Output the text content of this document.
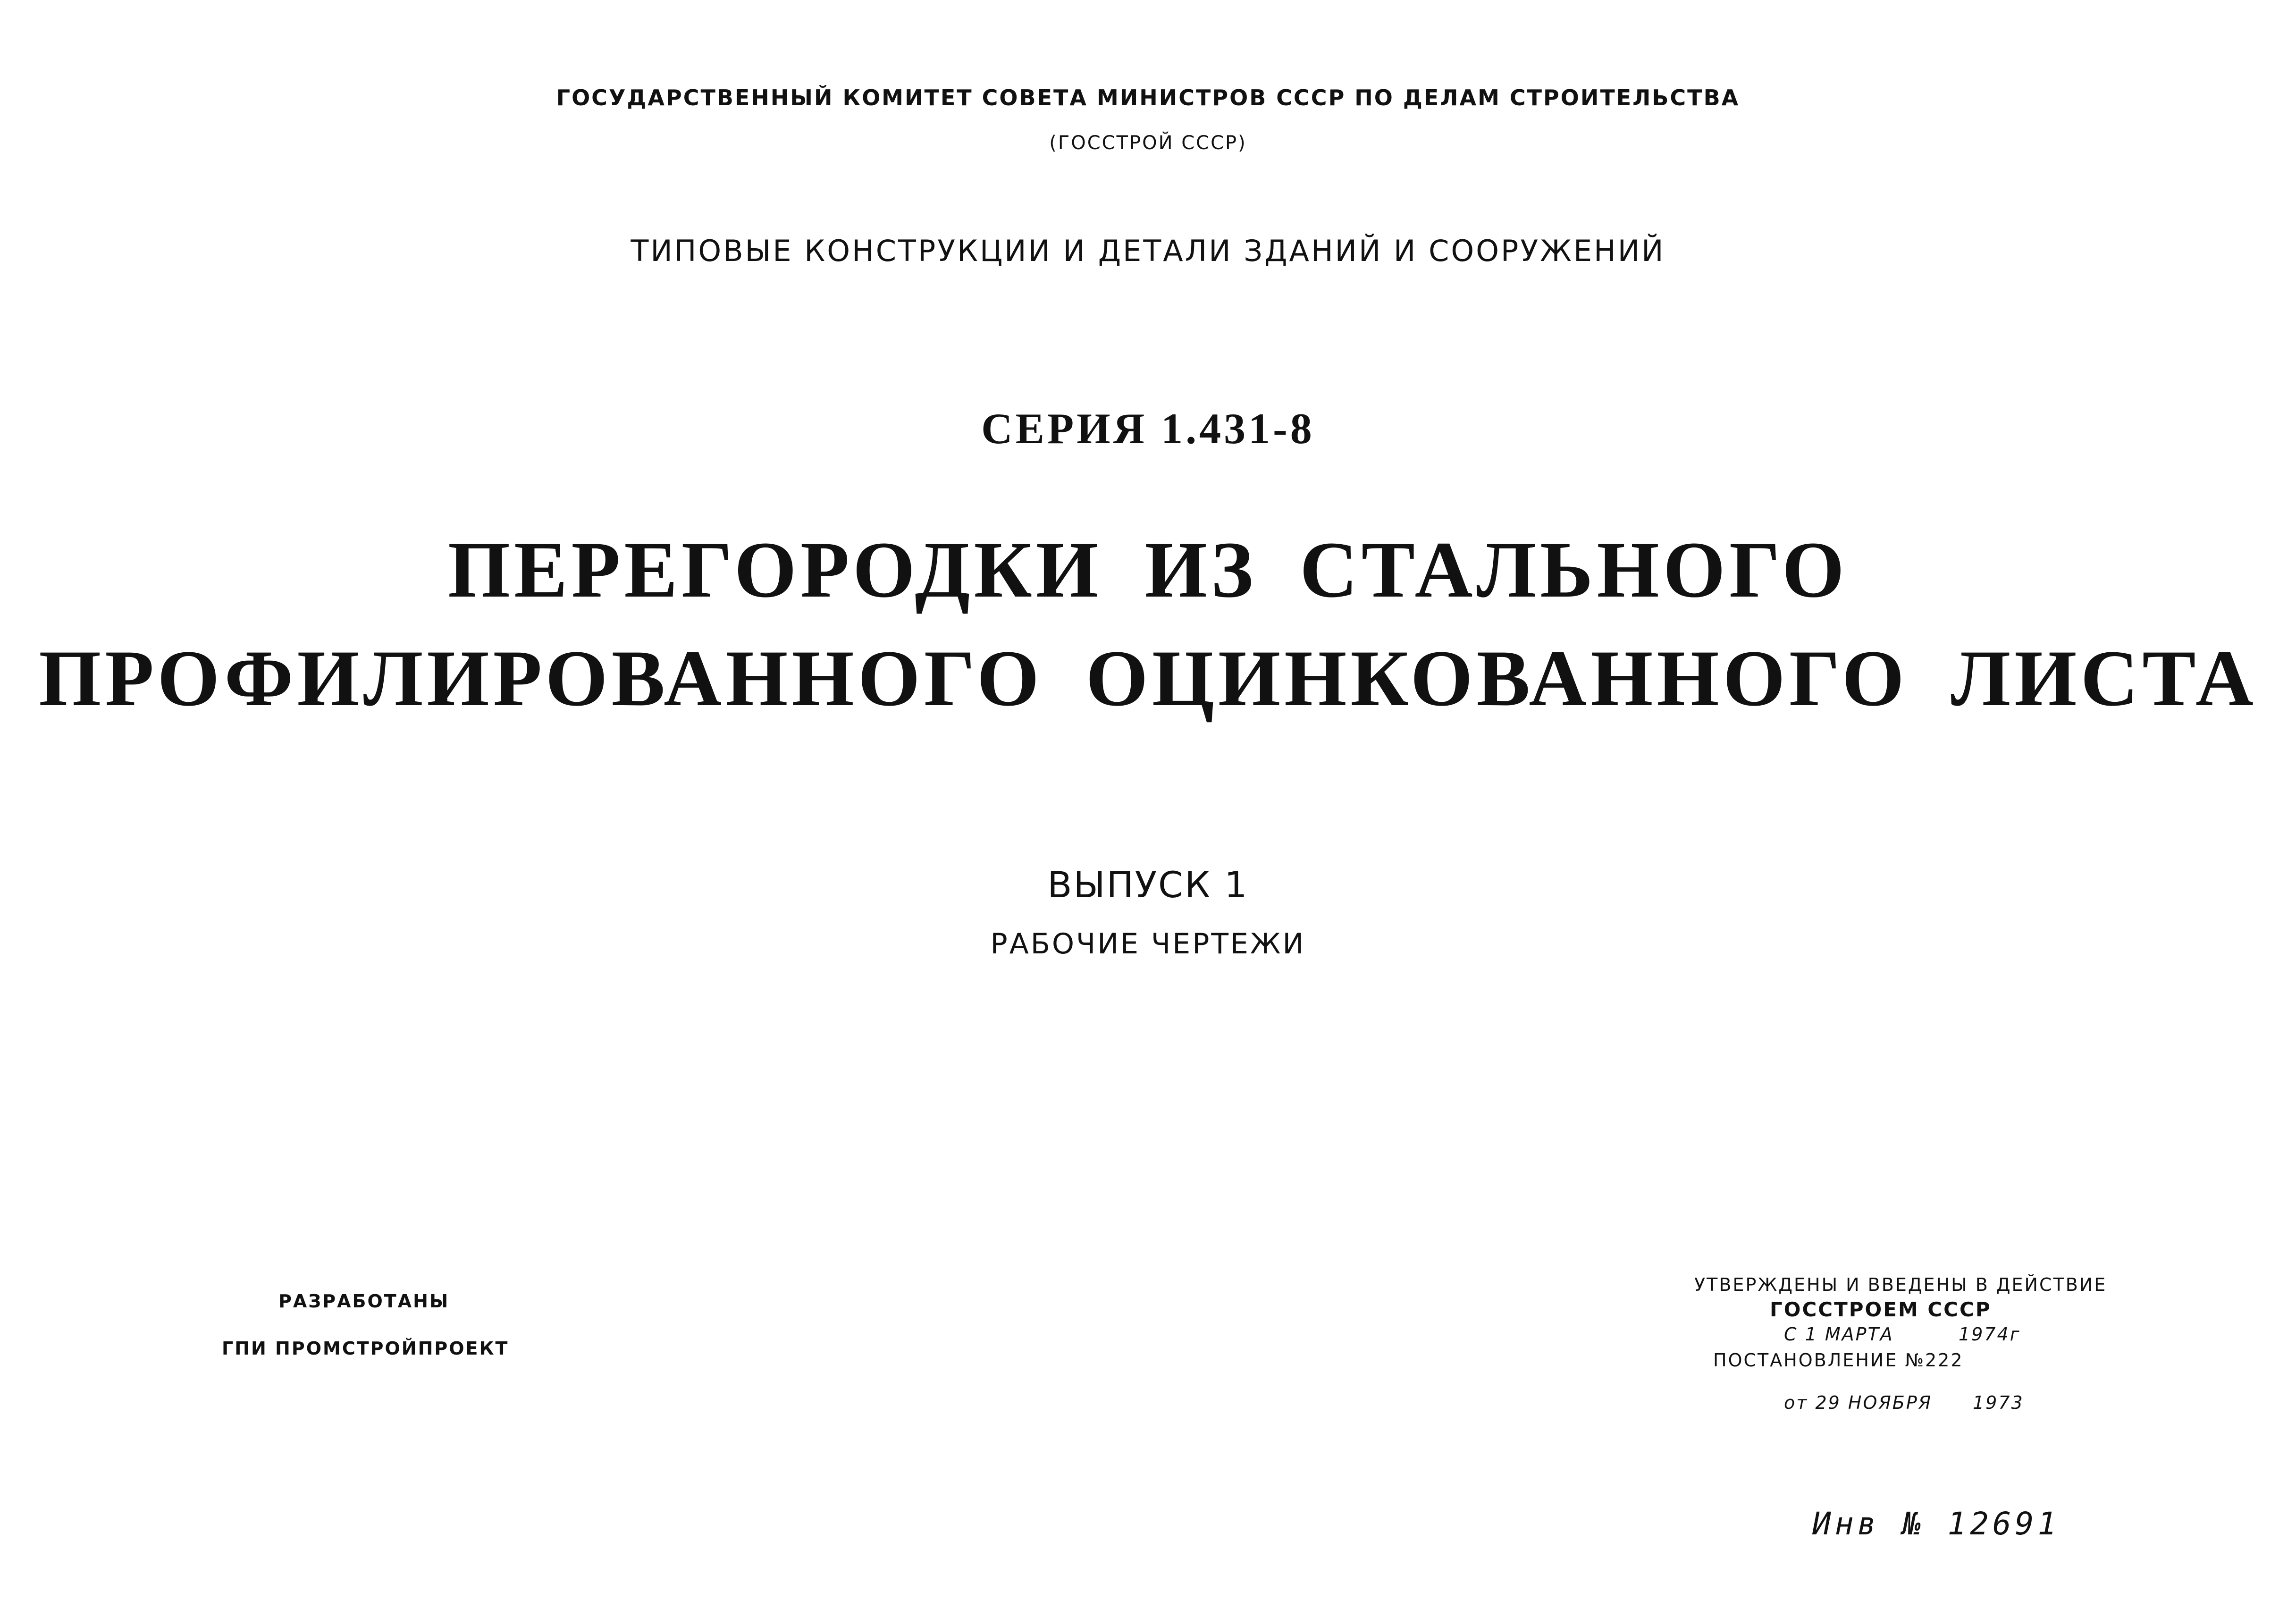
ГОСУДАРСТВЕННЫЙ КОМИТЕТ СОВЕТА МИНИСТРОВ СССР ПО ДЕЛАМ СТРОИТЕЛЬСТВА
(ГОССТРОЙ СССР)
ТИПОВЫЕ КОНСТРУКЦИИ И ДЕТАЛИ ЗДАНИЙ И СООРУЖЕНИЙ
СЕРИЯ 1.431-8
ПЕРЕГОРОДКИ ИЗ СТАЛЬНОГО
ПРОФИЛИРОВАННОГО ОЦИНКОВАННОГО ЛИСТА
ВЫПУСК 1
РАБОЧИЕ ЧЕРТЕЖИ
РАЗРАБОТАНЫ
ГПИ ПРОМСТРОЙПРОЕКТ
УТВЕРЖДЕНЫ И ВВЕДЕНЫ В ДЕЙСТВИЕ
ГОССТРОЕМ СССР
С 1 МАРТА	1974г
ПОСТАНОВЛЕНИЕ №222
от 29 НОЯБРЯ 1973
Инв № 12691
